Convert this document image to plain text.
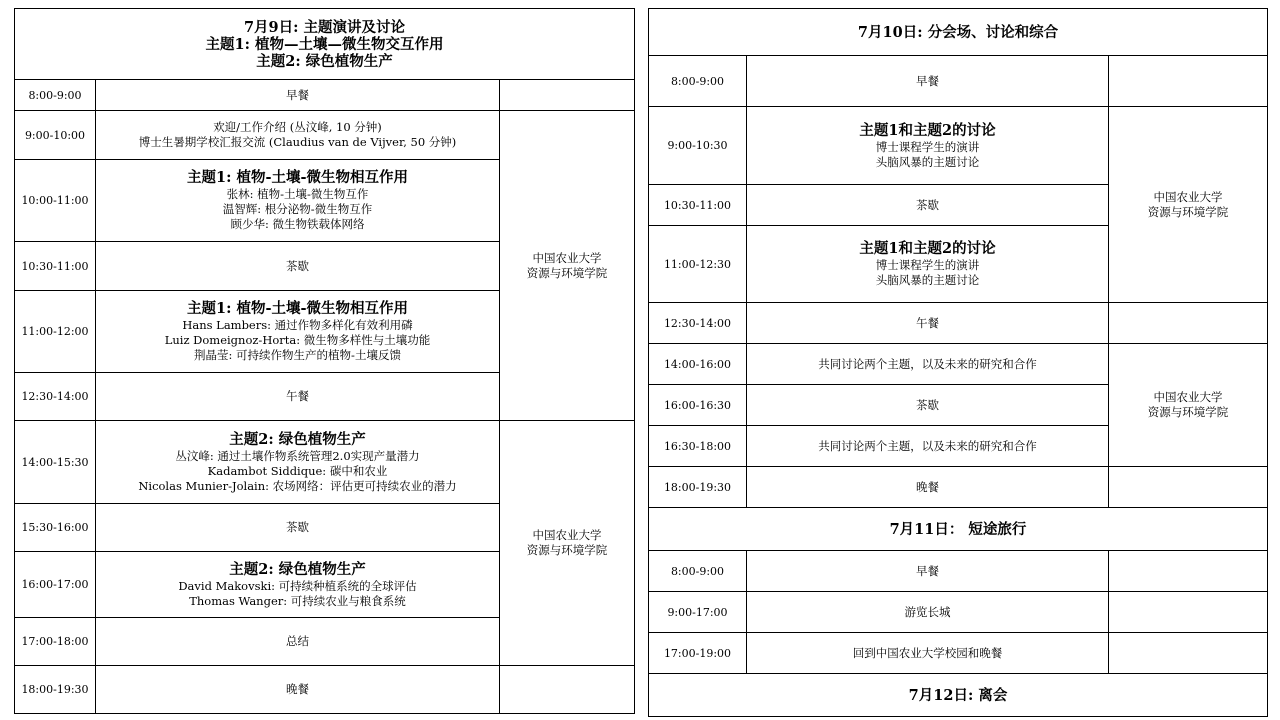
7月9日: 主题演讲及讨论
主题1: 植物—土壤—微生物交互作用
主题2: 绿色植物生产		

8:00-9:00	早餐	

9:00-10:00	欢迎/工作介绍 (丛汶峰, 10 分钟)
博士生暑期学校汇报交流 (Claudius van de Vijver, 50 分钟)	中国农业大学
资源与环境学院

10:00-11:00	主题1: 植物-土壤-微生物相互作用
张林: 植物-土壤-微生物互作
温智辉: 根分泌物-微生物互作
顾少华: 微生物铁载体网络	

10:30-11:00	茶歇	

11:00-12:00	主题1: 植物-土壤-微生物相互作用
Hans Lambers: 通过作物多样化有效利用磷
Luiz Domeignoz-Horta: 微生物多样性与土壤功能
荆晶莹: 可持续作物生产的植物-土壤反馈	

12:30-14:00	午餐	

14:00-15:30	主题2: 绿色植物生产
丛汶峰: 通过土壤作物系统管理2.0实现产量潜力
Kadambot Siddique: 碳中和农业
Nicolas Munier-Jolain: 农场网络：评估更可持续农业的潜力	中国农业大学
资源与环境学院

15:30-16:00	茶歇	

16:00-17:00	主题2: 绿色植物生产
David Makovski: 可持续种植系统的全球评估
Thomas Wanger: 可持续农业与粮食系统	

17:00-18:00	总结	

18:00-19:30	晚餐	

7月10日: 分会场、讨论和综合		
8:00-9:00	早餐	

9:00-10:30	主题1和主题2的讨论
博士课程学生的演讲
头脑风暴的主题讨论	中国农业大学
资源与环境学院

10:30-11:00	茶歇	

11:00-12:30	主题1和主题2的讨论
博士课程学生的演讲
头脑风暴的主题讨论	

12:30-14:00	午餐	

14:00-16:00	共同讨论两个主题，以及未来的研究和合作	中国农业大学
资源与环境学院

16:00-16:30	茶歇	

16:30-18:00	共同讨论两个主题，以及未来的研究和合作	

18:00-19:30	晚餐	

7月11日： 短途旅行		
8:00-9:00	早餐	

9:00-17:00	游览长城	

17:00-19:00	回到中国农业大学校园和晚餐	

7月12日: 离会		
